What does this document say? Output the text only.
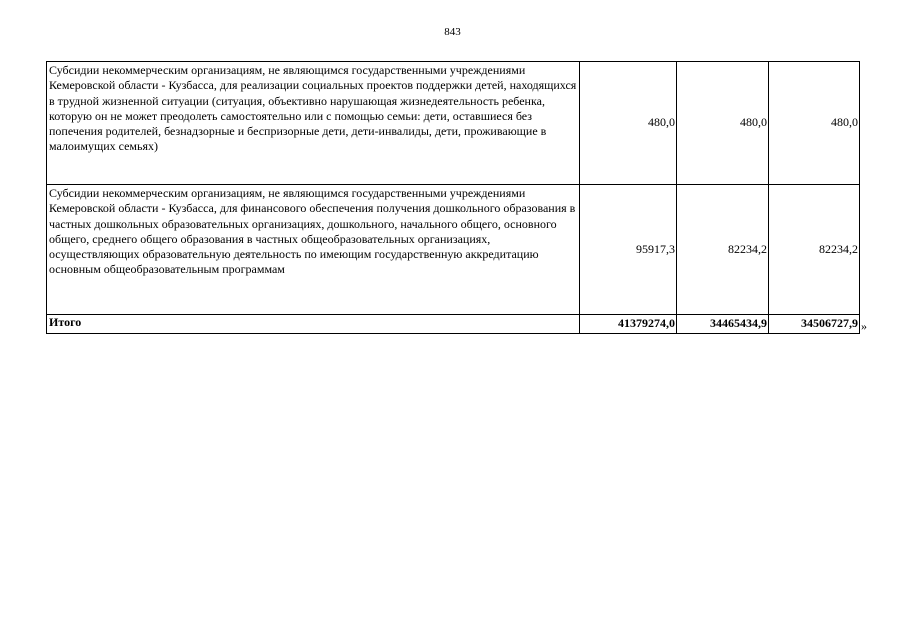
843
Субсидии некоммерческим организациям, не являющимся государственными учреждениями Кемеровской области - Кузбасса, для реализации социальных проектов поддержки детей, находящихся в трудной жизненной ситуации (ситуация, объективно нарушающая жизнедеятельность ребенка, которую он не может преодолеть самостоятельно или с помощью семьи: дети, оставшиеся без попечения родителей, безнадзорные и беспризорные дети, дети-инвалиды, дети, проживающие в малоимущих семьях)	480,0	480,0	480,0
Субсидии некоммерческим организациям, не являющимся государственными учреждениями Кемеровской области - Кузбасса, для финансового обеспечения получения дошкольного образования в частных дошкольных образовательных организациях, дошкольного, начального общего, основного общего, среднего общего образования в частных общеобразовательных организациях, осуществляющих образовательную деятельность по имеющим государственную аккредитацию основным общеобразовательным программам	95917,3	82234,2	82234,2
Итого	41379274,0	34465434,9	34506727,9 »
